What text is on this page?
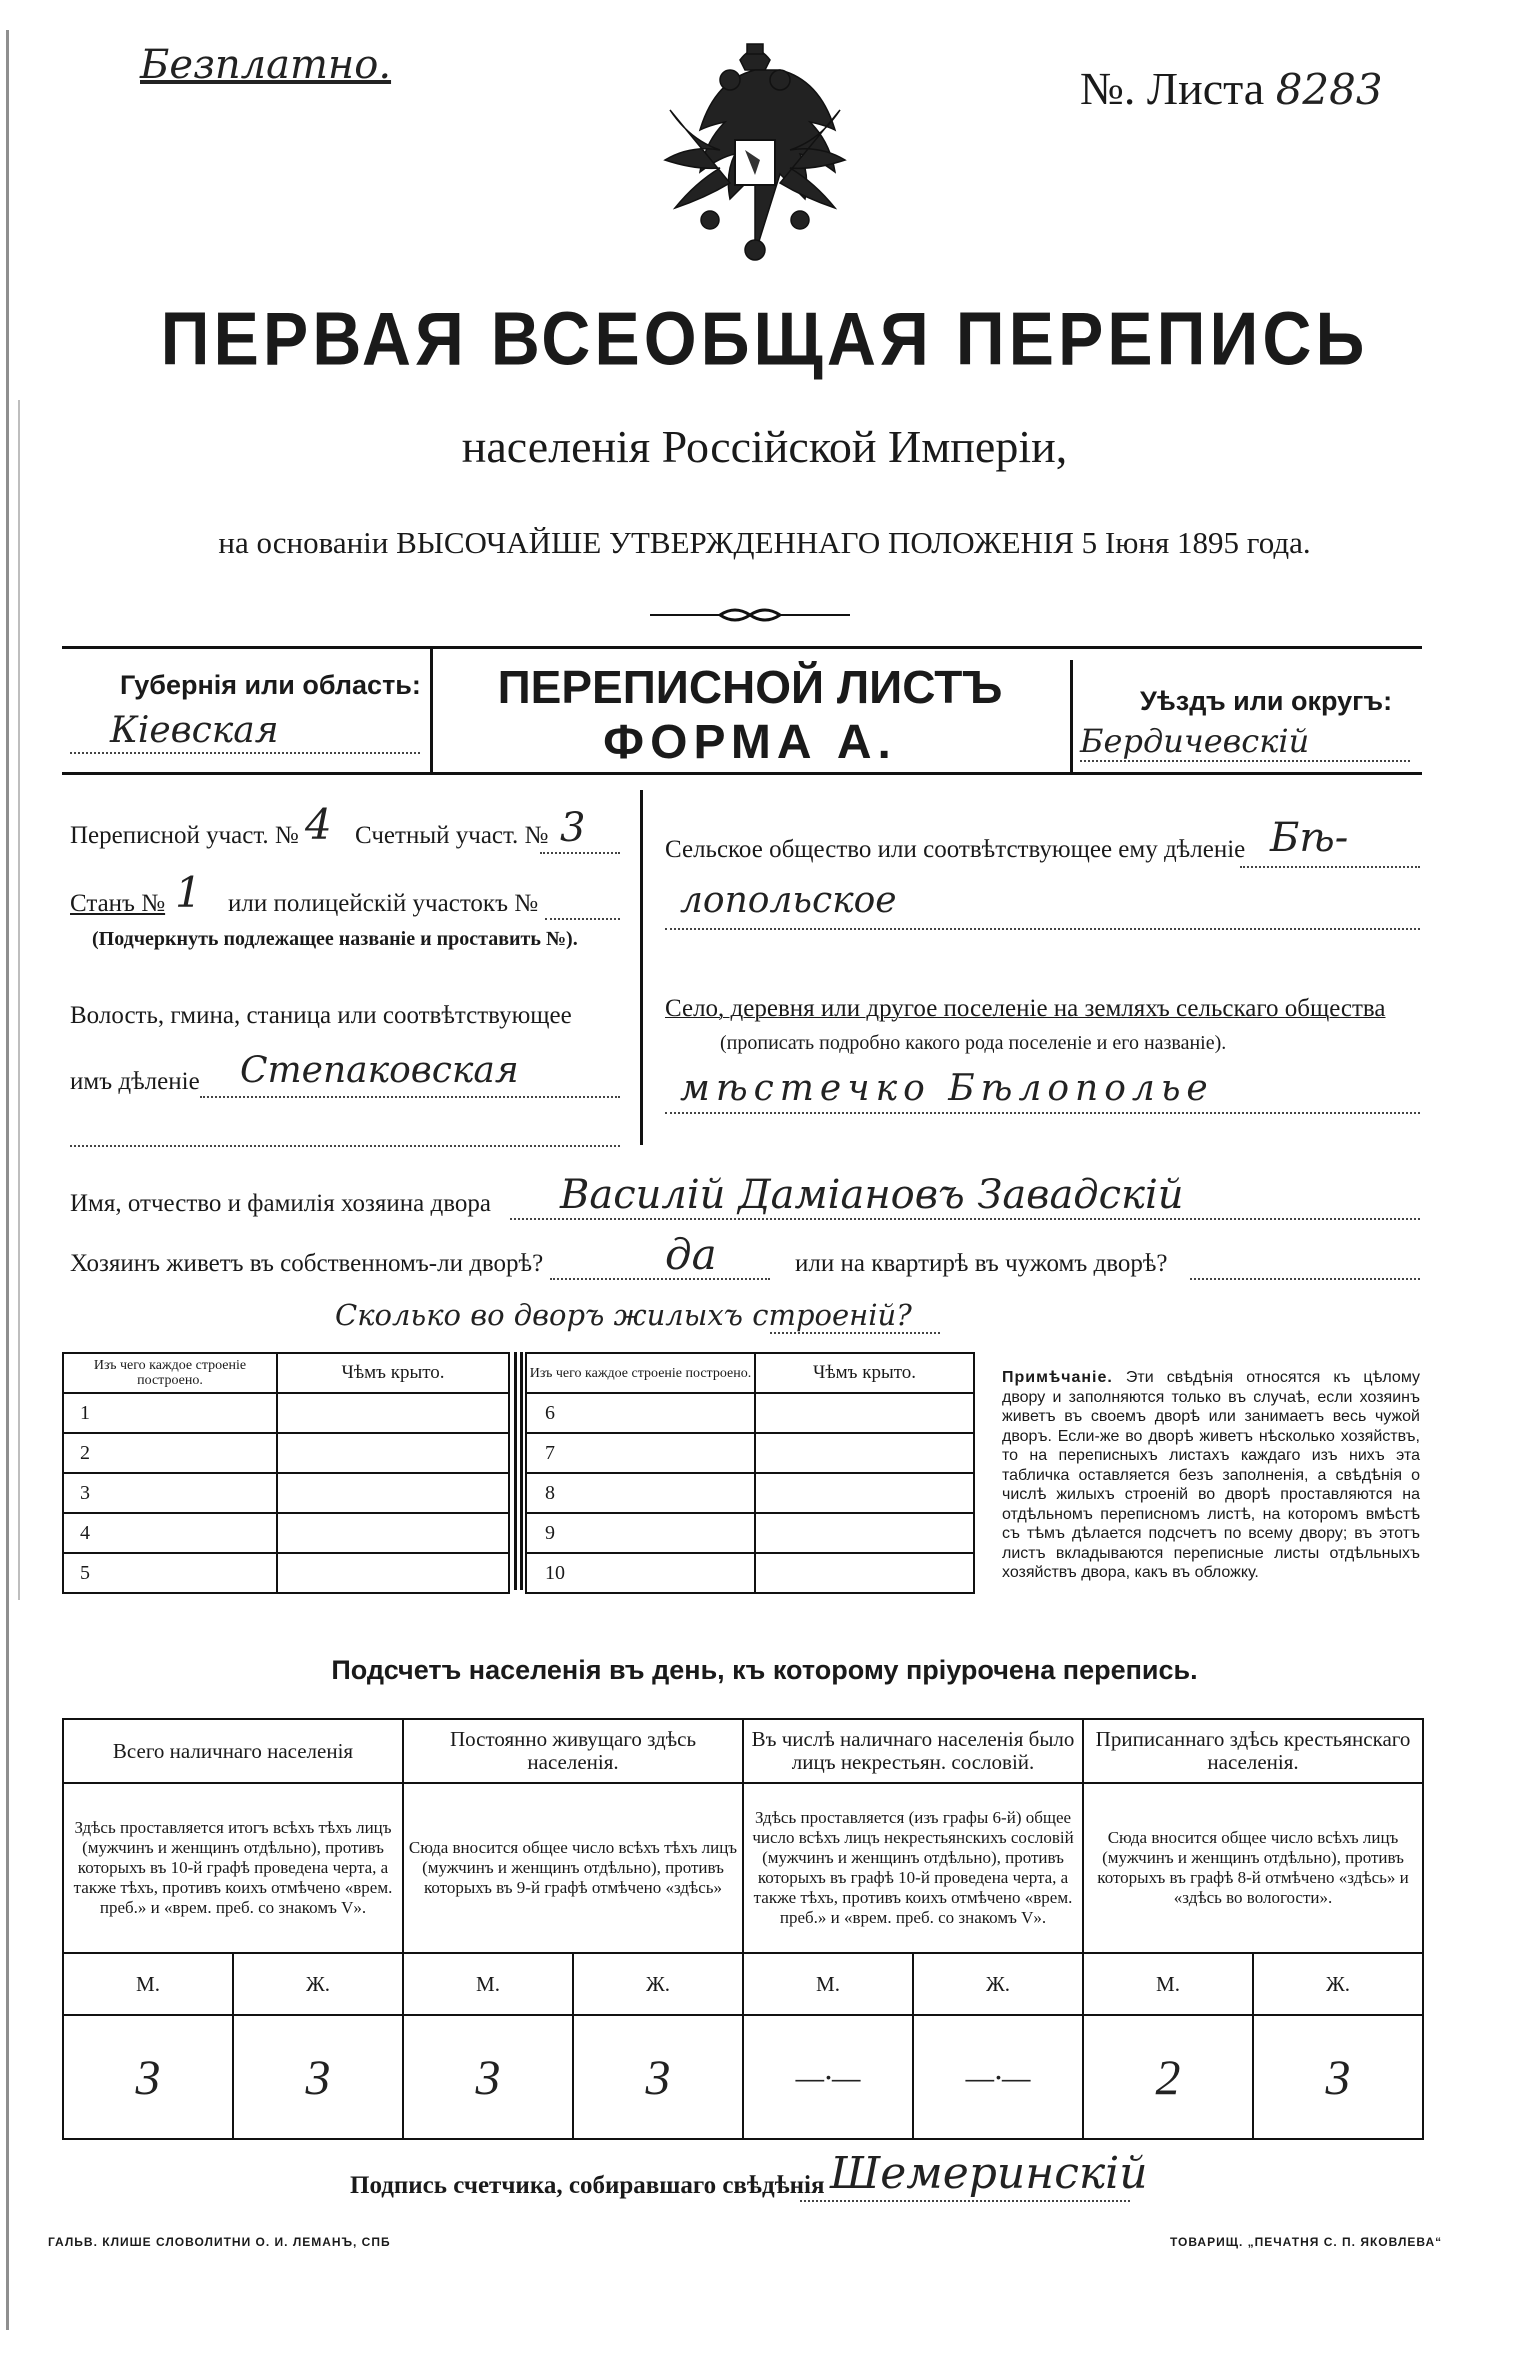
Безплатно.	№. Листа 8283
ПЕРВАЯ ВСЕОБЩАЯ ПЕРЕПИСЬ
населенія Россійской Имперіи,
на основаніи ВЫСОЧАЙШЕ УТВЕРЖДЕННАГО ПОЛОЖЕНІЯ 5 Іюня 1895 года.
Губернія или область:
Кіевская
ПЕРЕПИСНОЙ ЛИСТЪ
ФОРМА А.
Уѣздъ или округъ:
Бердичевскій
Переписной участ. № 4 Счетный участ. № 3
Станъ № 1 или полицейскій участокъ №
(Подчеркнуть подлежащее названіе и проставить №).
Волость, гмина, станица или соотвѣтствующее
имъ дѣленіе Степаковская
Сельское общество или соотвѣтствующее ему дѣленіе Бѣ-
лопольское
Село, деревня или другое поселеніе на земляхъ сельскаго общества
(прописать подробно какого рода поселеніе и его названіе).
мѣстечко Бѣлополье
Имя, отчество и фамилія хозяина двора Василій Даміановъ Завадскій
Хозяинъ живетъ въ собственномъ-ли дворѣ?	да	или на квартирѣ въ чужомъ дворѣ?
Сколько во дворъ жилыхъ строеній?
Изъ чего каждое строеніе построено.	Чѣмъ крыто.
1	
2	
3	
4	
5	
Изъ чего каждое строеніе построено.	Чѣмъ крыто.
6	
7	
8	
9	
10	
Примѣчаніе. Эти свѣдѣнія относятся къ цѣлому двору и заполняются только въ случаѣ, если хозяинъ живетъ въ своемъ дворѣ или занимаетъ весь чужой дворъ. Если-же во дворѣ живетъ нѣсколько хозяйствъ, то на переписныхъ листахъ каждаго изъ нихъ эта табличка оставляется безъ заполненія, а свѣдѣнія о числѣ жилыхъ строеній во дворѣ проставляются на отдѣльномъ переписномъ листѣ, на которомъ вмѣстѣ съ тѣмъ дѣлается подсчетъ по всему двору; въ этотъ листъ вкладываются переписные листы отдѣльныхъ хозяйствъ двора, какъ въ обложку.
Подсчетъ населенія въ день, къ которому пріурочена перепись.
Всего наличнаго населенія		Постоянно живущаго здѣсь населенія.		Въ числѣ наличнаго населенія было лицъ некрестьян. сословій.		Приписаннаго здѣсь крестьянскаго населенія.	
Здѣсь проставляется итогъ всѣхъ тѣхъ лицъ (мужчинъ и женщинъ отдѣльно), противъ которыхъ въ 10-й графѣ проведена черта, а также тѣхъ, противъ коихъ отмѣчено «врем. преб.» и «врем. преб. со знакомъ V».		Сюда вносится общее число всѣхъ тѣхъ лицъ (мужчинъ и женщинъ отдѣльно), противъ которыхъ въ 9-й графѣ отмѣчено «здѣсь»		Здѣсь проставляется (изъ графы 6-й) общее число всѣхъ лицъ некрестьянскихъ сословій (мужчинъ и женщинъ отдѣльно), противъ которыхъ въ графѣ 10-й проведена черта, а также тѣхъ, противъ коихъ отмѣчено «врем. преб.» и «врем. преб. со знакомъ V».		Сюда вносится общее число всѣхъ лицъ (мужчинъ и женщинъ отдѣльно), противъ которыхъ въ графѣ 8-й отмѣчено «здѣсь» и «здѣсь во вологости».	
М.	Ж.	М.	Ж.	М.	Ж.	М.	Ж.
3	3	3	3	—·—	—·—	2	3
Подпись счетчика, собиравшаго свѣдѣнія Шемеринскій
ГАЛЬВ. КЛИШЕ СЛОВОЛИТНИ О. И. ЛЕМАНЪ, СПБ	ТОВАРИЩ. „ПЕЧАТНЯ С. П. ЯКОВЛЕВА“
